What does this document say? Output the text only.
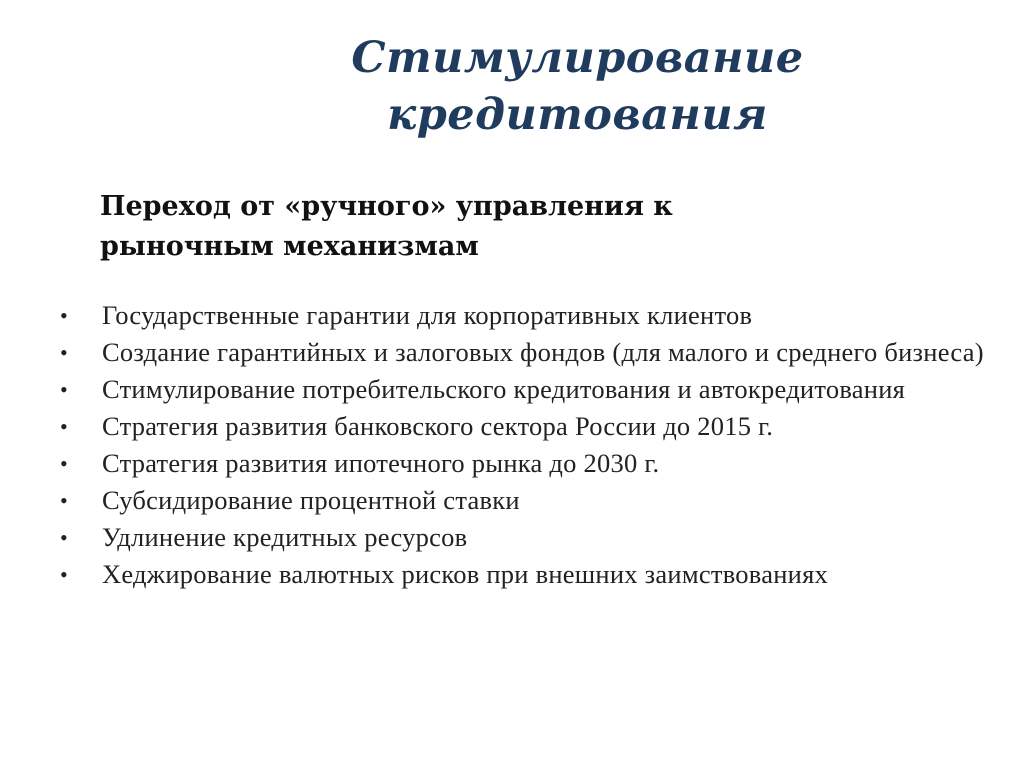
Стимулирование кредитования
Переход от «ручного» управления к рыночным механизмам
•	Государственные гарантии для корпоративных клиентов
•	Создание гарантийных и залоговых фондов (для малого и среднего бизнеса)
•	Стимулирование потребительского кредитования и автокредитования
•	Стратегия развития банковского сектора России до 2015 г.
•	Стратегия развития ипотечного рынка до 2030 г.
•	Субсидирование процентной ставки
•	Удлинение кредитных ресурсов
•	Хеджирование валютных рисков при внешних заимствованиях
